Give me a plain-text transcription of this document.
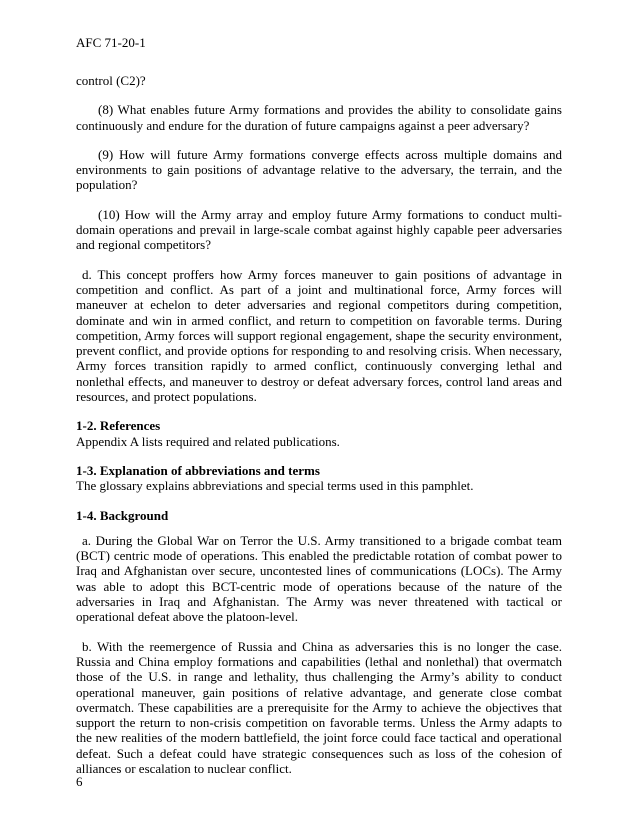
AFC 71-20-1

control (C2)?

(8) What enables future Army formations and provides the ability to consolidate gains continuously and endure for the duration of future campaigns against a peer adversary?

(9) How will future Army formations converge effects across multiple domains and environments to gain positions of advantage relative to the adversary, the terrain, and the population?

(10) How will the Army array and employ future Army formations to conduct multi-domain operations and prevail in large-scale combat against highly capable peer adversaries and regional competitors?

d. This concept proffers how Army forces maneuver to gain positions of advantage in competition and conflict. As part of a joint and multinational force, Army forces will maneuver at echelon to deter adversaries and regional competitors during competition, dominate and win in armed conflict, and return to competition on favorable terms. During competition, Army forces will support regional engagement, shape the security environment, prevent conflict, and provide options for responding to and resolving crisis. When necessary, Army forces transition rapidly to armed conflict, continuously converging lethal and nonlethal effects, and maneuver to destroy or defeat adversary forces, control land areas and resources, and protect populations.

1-2. References

Appendix A lists required and related publications.

1-3. Explanation of abbreviations and terms

The glossary explains abbreviations and special terms used in this pamphlet.

1-4. Background

a. During the Global War on Terror the U.S. Army transitioned to a brigade combat team (BCT) centric mode of operations. This enabled the predictable rotation of combat power to Iraq and Afghanistan over secure, uncontested lines of communications (LOCs). The Army was able to adopt this BCT-centric mode of operations because of the nature of the adversaries in Iraq and Afghanistan. The Army was never threatened with tactical or operational defeat above the platoon-level.

b. With the reemergence of Russia and China as adversaries this is no longer the case. Russia and China employ formations and capabilities (lethal and nonlethal) that overmatch those of the U.S. in range and lethality, thus challenging the Army’s ability to conduct operational maneuver, gain positions of relative advantage, and generate close combat overmatch. These capabilities are a prerequisite for the Army to achieve the objectives that support the return to non-crisis competition on favorable terms. Unless the Army adapts to the new realities of the modern battlefield, the joint force could face tactical and operational defeat. Such a defeat could have strategic consequences such as loss of the cohesion of alliances or escalation to nuclear conflict.

6
